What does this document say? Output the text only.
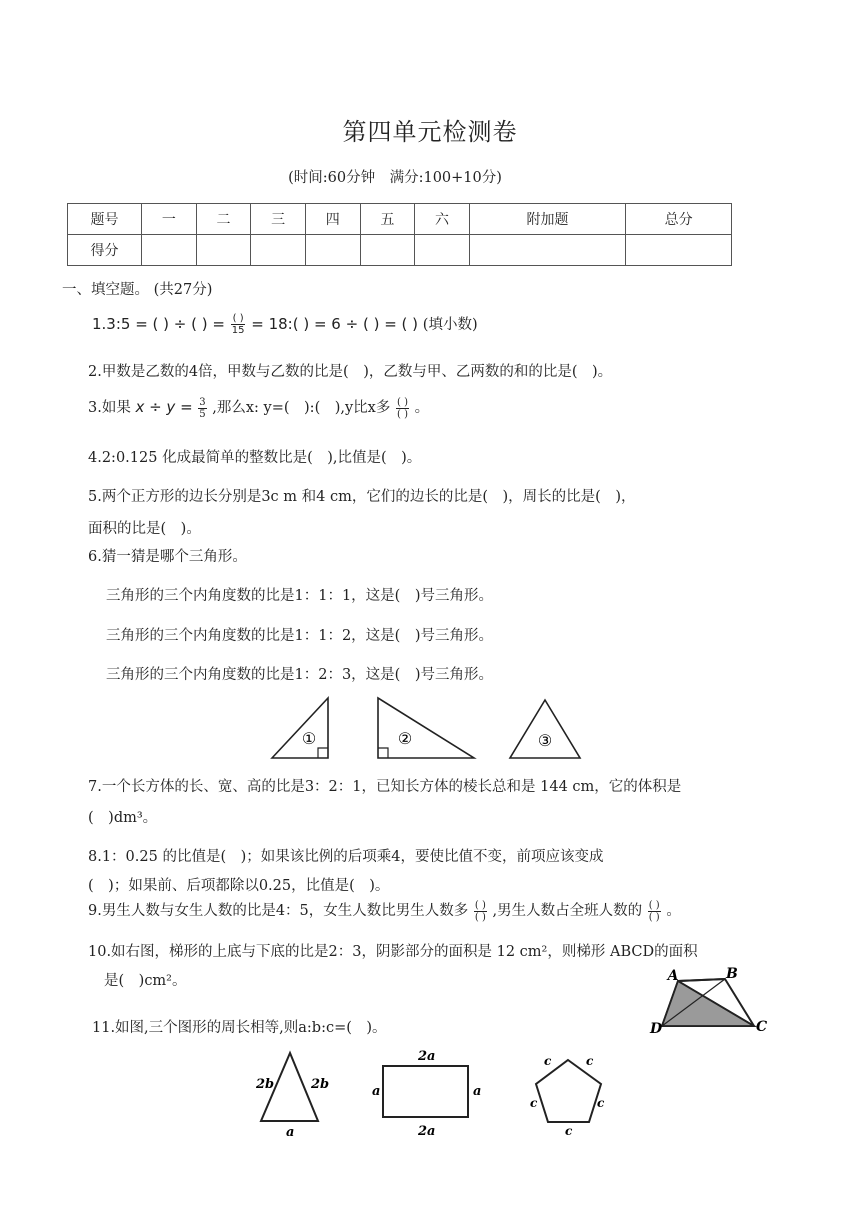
第四单元检测卷
(时间:60分钟　满分:100+10分)
题号	一	二	三	四	五	六	附加题	总分
得分								
一、填空题。 (共27分)
1.3:5 = ( ) ÷ ( ) = $\frac{( )}{15}$ = 18:( ) = 6 ÷ ( ) = ( ) (填小数)
2.甲数是乙数的4倍，甲数与乙数的比是(　)，乙数与甲、乙两数的和的比是(　)。
3.如果 $x \div y = \frac{3}{5}$ ,那么x: y=(　):(　),y比x多 $\frac{( )}{( )}$ 。
4.2:0.125 化成最简单的整数比是(　),比值是(　)。
5.两个正方形的边长分别是3c m 和4 cm，它们的边长的比是(　)，周长的比是(　)，
面积的比是(　)。
6.猜一猜是哪个三角形。
三角形的三个内角度数的比是1：1：1，这是(　)号三角形。
三角形的三个内角度数的比是1：1：2，这是(　)号三角形。
三角形的三个内角度数的比是1：2：3，这是(　)号三角形。
①	②	③
7.一个长方体的长、宽、高的比是3：2：1，已知长方体的棱长总和是 144 cm，它的体积是
(　)dm³。
8.1：0.25 的比值是(　)；如果该比例的后项乘4，要使比值不变，前项应该变成
(　)；如果前、后项都除以0.25，比值是(　)。
9.男生人数与女生人数的比是4：5，女生人数比男生人数多 $\frac{( )}{( )}$ ,男生人数占全班人数的 $\frac{( )}{( )}$ 。
10.如右图，梯形的上底与下底的比是2：3，阴影部分的面积是 12 cm²，则梯形 ABCD的面积
是(　)cm²。	A	B
C
D
11.如图,三个图形的周长相等,则a:b:c=(　)。
2b	2b
a
2a
a	a
2a
c	c
c	c
c
